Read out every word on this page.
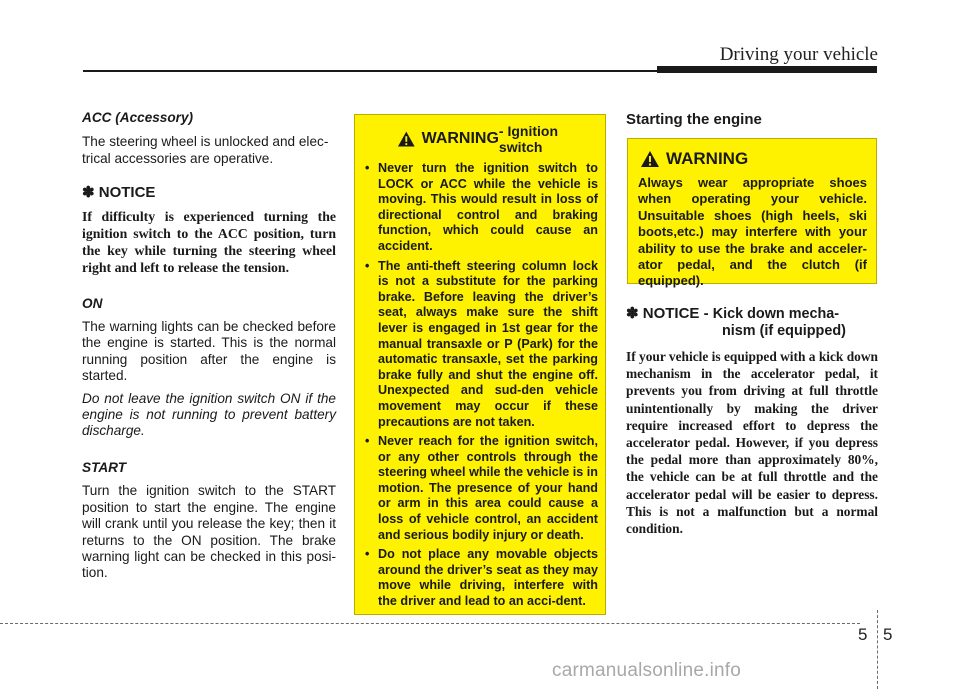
Driving your vehicle
ACC (Accessory)
The steering wheel is unlocked and elec-trical accessories are operative.
✽ NOTICE
If difficulty is experienced turning the ignition switch to the ACC position, turn the key while turning the steering wheel right and left to release the tension.
ON
The warning lights can be checked before the engine is started. This is the normal running position after the engine is started.
Do not leave the ignition switch ON if the engine is not running to prevent battery discharge.
START
Turn the ignition switch to the START position to start the engine. The engine will crank until you release the key; then it returns to the ON position. The brake warning light can be checked in this posi-tion.
WARNING - Ignition switch
• Never turn the ignition switch to LOCK or ACC while the vehicle is moving. This would result in loss of directional control and braking function, which could cause an accident.
• The anti-theft steering column lock is not a substitute for the parking brake. Before leaving the driver’s seat, always make sure the shift lever is engaged in 1st gear for the manual transaxle or P (Park) for the automatic transaxle, set the parking brake fully and shut the engine off. Unexpected and sud-den vehicle movement may occur if these precautions are not taken.
• Never reach for the ignition switch, or any other controls through the steering wheel while the vehicle is in motion. The presence of your hand or arm in this area could cause a loss of vehicle control, an accident and serious bodily injury or death.
• Do not place any movable objects around the driver’s seat as they may move while driving, interfere with the driver and lead to an acci-dent.
Starting the engine
WARNING
Always wear appropriate shoes when operating your vehicle. Unsuitable shoes (high heels, ski boots,etc.) may interfere with your ability to use the brake and acceler-ator pedal, and the clutch (if equipped).
✽ NOTICE - Kick down mecha-
nism (if equipped)
If your vehicle is equipped with a kick down mechanism in the accelerator pedal, it prevents you from driving at full throttle unintentionally by making the driver require increased effort to depress the accelerator pedal. However, if you depress the pedal more than approximately 80%, the vehicle can be at full throttle and the accelerator pedal will be easier to depress. This is not a malfunction but a normal condition.
5 5
carmanualsonline.info
